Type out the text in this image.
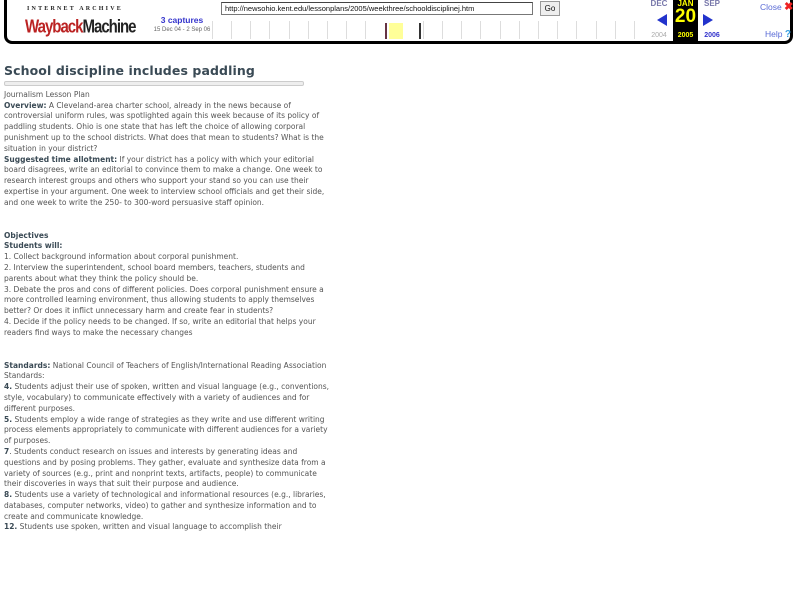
INTERNET ARCHIVE
WaybackMachine	3 captures
15 Dec 04 - 2 Sep 06
http://newsohio.kent.edu/lessonplans/2005/weekthree/schooldisciplinej.htm
Go
DEC
2004
JAN
20
2005
SEP
2006
Close ✖
Help ?
School discipline includes paddling
Journalism Lesson Plan

Overview: A Cleveland-area charter school, already in the news because of controversial uniform rules, was spotlighted again this week because of its policy of paddling students. Ohio is one state that has left the choice of allowing corporal punishment up to the school districts. What does that mean to students? What is the situation in your district?

Suggested time allotment: If your district has a policy with which your editorial board disagrees, write an editorial to convince them to make a change. One week to research interest groups and others who support your stand so you can use their expertise in your argument. One week to interview school officials and get their side, and one week to write the 250- to 300-word persuasive staff opinion.

Objectives
Students will:
1. Collect background information about corporal punishment.
2. Interview the superintendent, school board members, teachers, students and parents about what they think the policy should be.
3. Debate the pros and cons of different policies. Does corporal punishment ensure a more controlled learning environment, thus allowing students to apply themselves better? Or does it inflict unnecessary harm and create fear in students?
4. Decide if the policy needs to be changed. If so, write an editorial that helps your readers find ways to make the necessary changes

Standards: National Council of Teachers of English/International Reading Association Standards:

4. Students adjust their use of spoken, written and visual language (e.g., conventions, style, vocabulary) to communicate effectively with a variety of audiences and for different purposes.

5. Students employ a wide range of strategies as they write and use different writing process elements appropriately to communicate with different audiences for a variety of purposes.

7. Students conduct research on issues and interests by generating ideas and questions and by posing problems. They gather, evaluate and synthesize data from a variety of sources (e.g., print and nonprint texts, artifacts, people) to communicate their discoveries in ways that suit their purpose and audience.

8. Students use a variety of technological and informational resources (e.g., libraries, databases, computer networks, video) to gather and synthesize information and to create and communicate knowledge.

12. Students use spoken, written and visual language to accomplish their
